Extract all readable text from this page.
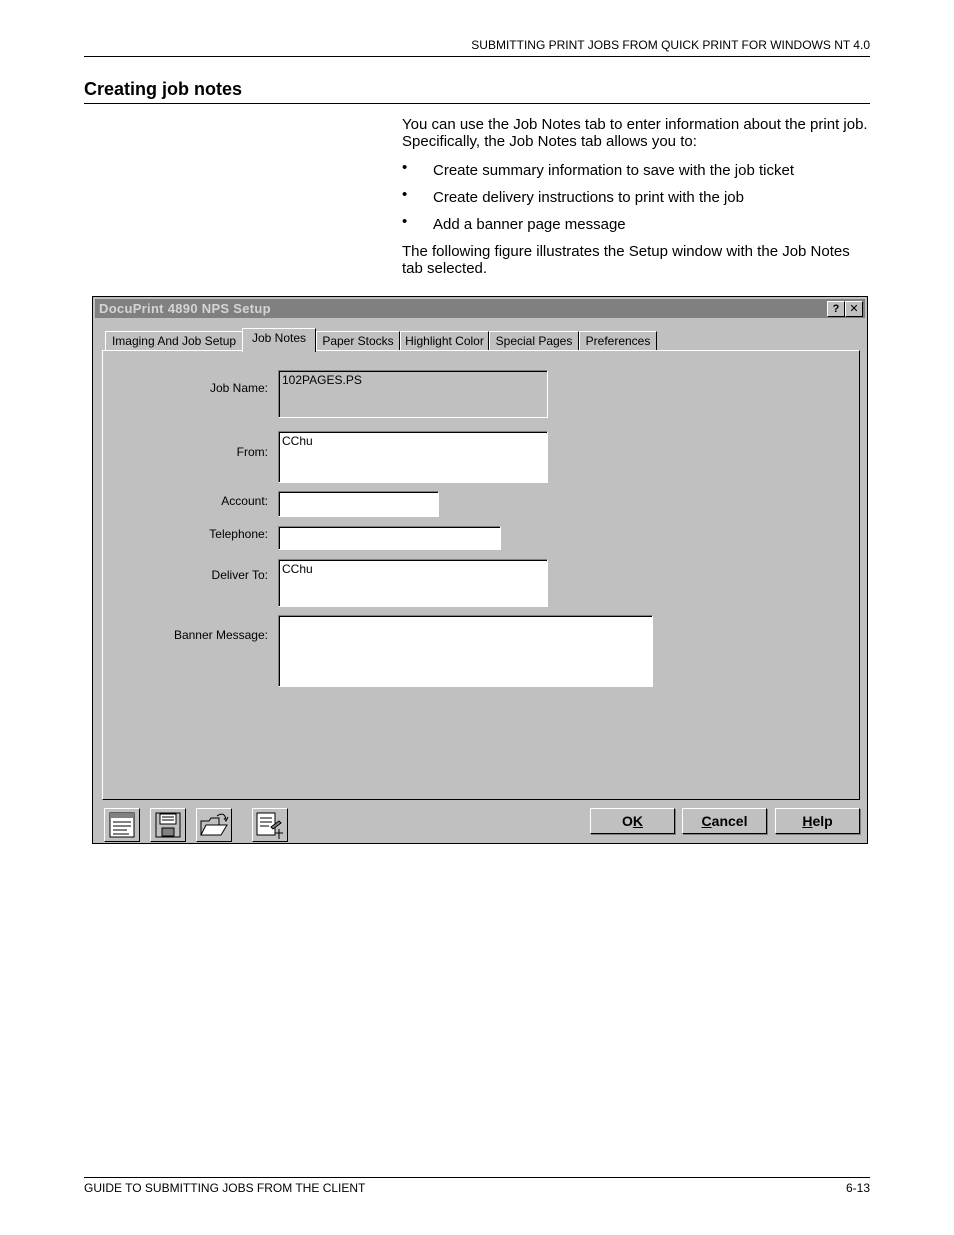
SUBMITTING PRINT JOBS FROM QUICK PRINT FOR WINDOWS NT 4.0
Creating job notes
You can use the Job Notes tab to enter information about the print job. Specifically, the Job Notes tab allows you to:
• Create summary information to save with the job ticket
• Create delivery instructions to print with the job
• Add a banner page message
The following figure illustrates the Setup window with the Job Notes tab selected.
DocuPrint 4890 NPS Setup	? ✕
Imaging And Job Setup	Job Notes	Paper Stocks Highlight Color Special Pages	Preferences
Job Name:
102PAGES.PS
From:
CChu
Account:
Telephone:
Deliver To:	CChu
Banner Message:
OK	Cancel	Help
GUIDE TO SUBMITTING JOBS FROM THE CLIENT	6-13
